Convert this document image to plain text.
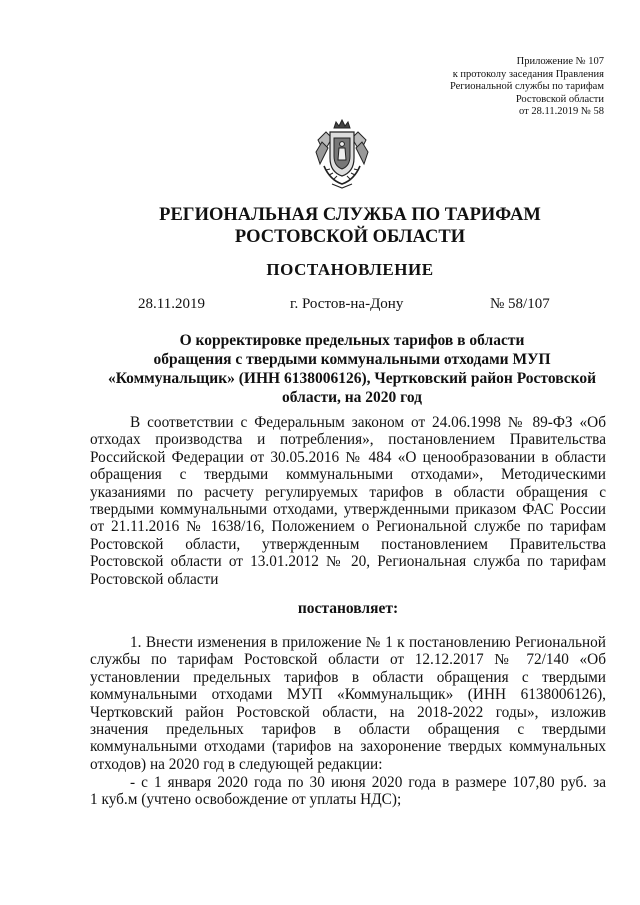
Приложение № 107
к протоколу заседания Правления
Региональной службы по тарифам
Ростовской области
от 28.11.2019 № 58
РЕГИОНАЛЬНАЯ СЛУЖБА ПО ТАРИФАМ
РОСТОВСКОЙ ОБЛАСТИ
ПОСТАНОВЛЕНИЕ
28.11.2019	г. Ростов-на-Дону	№ 58/107
О корректировке предельных тарифов в области
обращения с твердыми коммунальными отходами МУП
«Коммунальщик» (ИНН 6138006126), Чертковский район Ростовской
области, на 2020 год
В соответствии с Федеральным законом от 24.06.1998 № 89-ФЗ «Об
отходах производства и потребления», постановлением Правительства
Российской Федерации от 30.05.2016 № 484 «О ценообразовании в области
обращения с твердыми коммунальными отходами», Методическими
указаниями по расчету регулируемых тарифов в области обращения с
твердыми коммунальными отходами, утвержденными приказом ФАС России
от 21.11.2016 № 1638/16, Положением о Региональной службе по тарифам
Ростовской области, утвержденным постановлением Правительства
Ростовской области от 13.01.2012 № 20, Региональная служба по тарифам
Ростовской области
постановляет:
1. Внести изменения в приложение № 1 к постановлению Региональной
службы по тарифам Ростовской области от 12.12.2017 № 72/140 «Об
установлении предельных тарифов в области обращения с твердыми
коммунальными отходами МУП «Коммунальщик» (ИНН 6138006126),
Чертковский район Ростовской области, на 2018-2022 годы», изложив
значения предельных тарифов в области обращения с твердыми
коммунальными отходами (тарифов на захоронение твердых коммунальных
отходов) на 2020 год в следующей редакции:
- с 1 января 2020 года по 30 июня 2020 года в размере 107,80 руб. за
1 куб.м (учтено освобождение от уплаты НДС);
